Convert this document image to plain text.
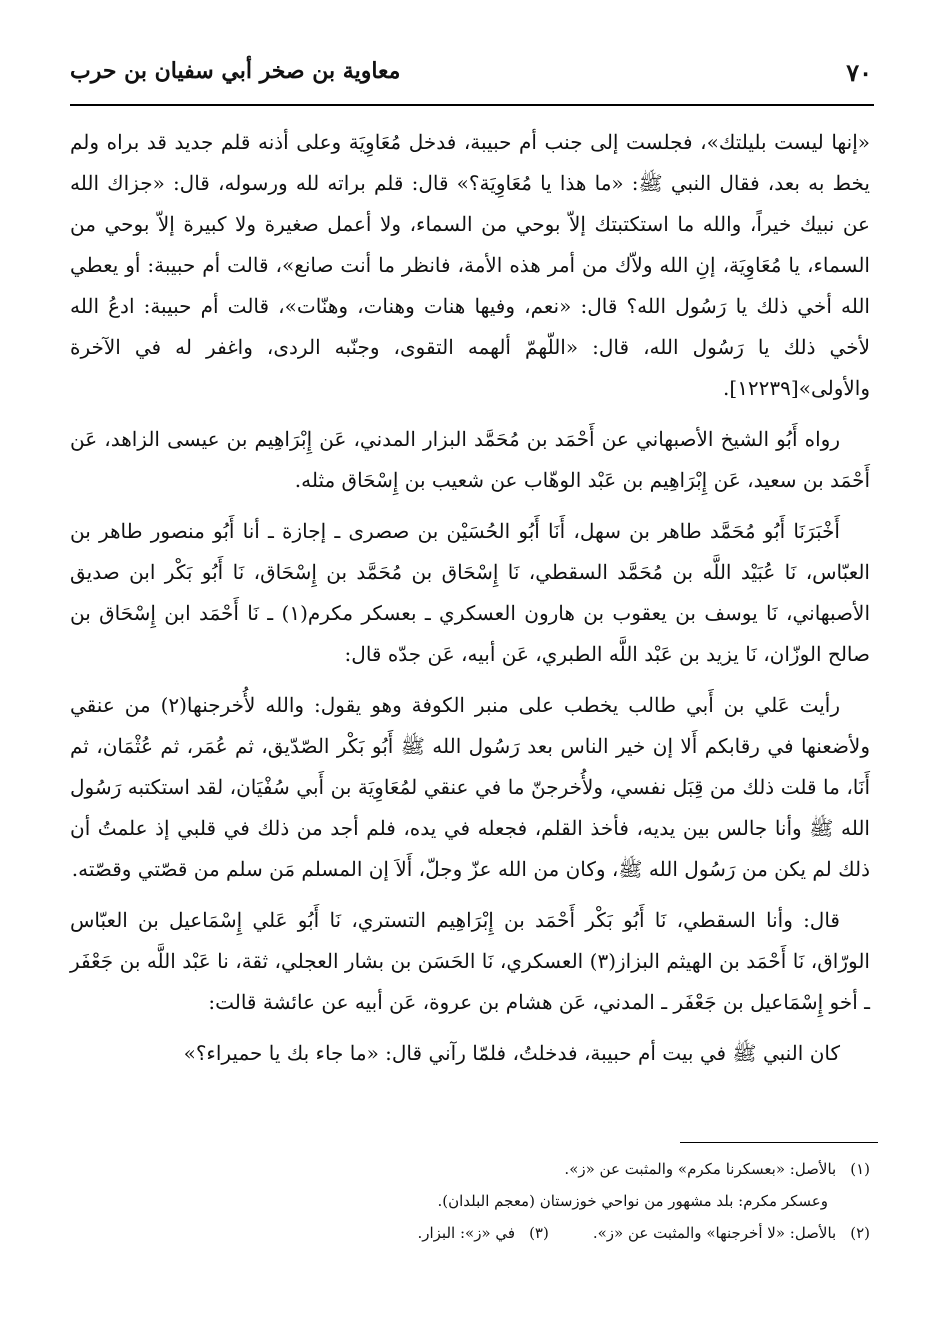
٧٠
معاوية بن صخر أبي سفيان بن حرب

«إنها ليست بليلتك»، فجلست إلى جنب أم حبيبة، فدخل مُعَاوِيَة وعلى أذنه قلم جديد قد براه ولم يخط به بعد، فقال النبي ﷺ: «ما هذا يا مُعَاوِيَة؟» قال: قلم براته لله ورسوله، قال: «جزاك الله عن نبيك خيراً، والله ما استكتبتك إلاّ بوحي من السماء، ولا أعمل صغيرة ولا كبيرة إلاّ بوحي من السماء، يا مُعَاوِيَة، إنِ الله ولاّك من أمر هذه الأمة، فانظر ما أنت صانع»، قالت أم حبيبة: أو يعطي الله أخي ذلك يا رَسُول الله؟ قال: «نعم، وفيها هنات وهنات، وهنّات»، قالت أم حبيبة: ادعُ الله لأخي ذلك يا رَسُول الله، قال: «اللّهمّ ألهمه التقوى، وجنّبه الردى، واغفر له في الآخرة والأولى»[١٢٢٣٩].

رواه أَبُو الشيخ الأصبهاني عن أَحْمَد بن مُحَمَّد البزار المدني، عَن إِبْرَاهِيم بن عيسى الزاهد، عَن أَحْمَد بن سعيد، عَن إِبْرَاهِيم بن عَبْد الوهّاب عن شعيب بن إِسْحَاق مثله.

أَخْبَرَنَا أَبُو مُحَمَّد طاهر بن سهل، أَنَا أَبُو الحُسَيْن بن صصرى ـ إجازة ـ أنا أَبُو منصور طاهر بن العبّاس، نَا عُبَيْد اللَّه بن مُحَمَّد السقطي، نَا إِسْحَاق بن مُحَمَّد بن إِسْحَاق، نَا أَبُو بَكْر ابن صديق الأصبهاني، نَا يوسف بن يعقوب بن هارون العسكري ـ بعسكر مكرم(١) ـ نَا أَحْمَد ابن إِسْحَاق بن صالح الوزّان، نَا يزيد بن عَبْد اللَّه الطبري، عَن أبيه، عَن جدّه قال:

رأيت عَلي بن أَبي طالب يخطب على منبر الكوفة وهو يقول: والله لأُخرجنها(٢) من عنقي ولأضعنها في رقابكم أَلا إن خير الناس بعد رَسُول الله ﷺ أَبُو بَكْر الصّدّيق، ثم عُمَر، ثم عُثْمَان، ثم أَنَا، ما قلت ذلك من قِبَل نفسي، ولأُخرجنّ ما في عنقي لمُعَاوِيَة بن أَبي سُفْيَان، لقد استكتبه رَسُول الله ﷺ وأنا جالس بين يديه، فأخذ القلم، فجعله في يده، فلم أجد من ذلك في قلبي إذ علمتُ أن ذلك لم يكن من رَسُول الله ﷺ، وكان من الله عزّ وجلّ، أَلاَ إن المسلم مَن سلم من قصّتي وقصّته.

قال: وأنا السقطي، نَا أَبُو بَكْر أَحْمَد بن إِبْرَاهِيم التستري، نَا أَبُو عَلي إِسْمَاعيل بن العبّاس الورّاق، نَا أَحْمَد بن الهيثم البزاز(٣) العسكري، نَا الحَسَن بن بشار العجلي، ثقة، نا عَبْد اللَّه بن جَعْفَر ـ أخو إِسْمَاعيل بن جَعْفَر ـ المدني، عَن هشام بن عروة، عَن أبيه عن عائشة قالت:

كان النبي ﷺ في بيت أم حبيبة، فدخلتُ، فلمّا رآني قال: «ما جاء بك يا حميراء؟»

(١)بالأصل: «بعسكرنا مكرم» والمثبت عن «ز».

وعسكر مكرم: بلد مشهور من نواحي خوزستان (معجم البلدان).

(٢)بالأصل: «لا أخرجنها» والمثبت عن «ز».

(٣)في «ز»: البزار.
